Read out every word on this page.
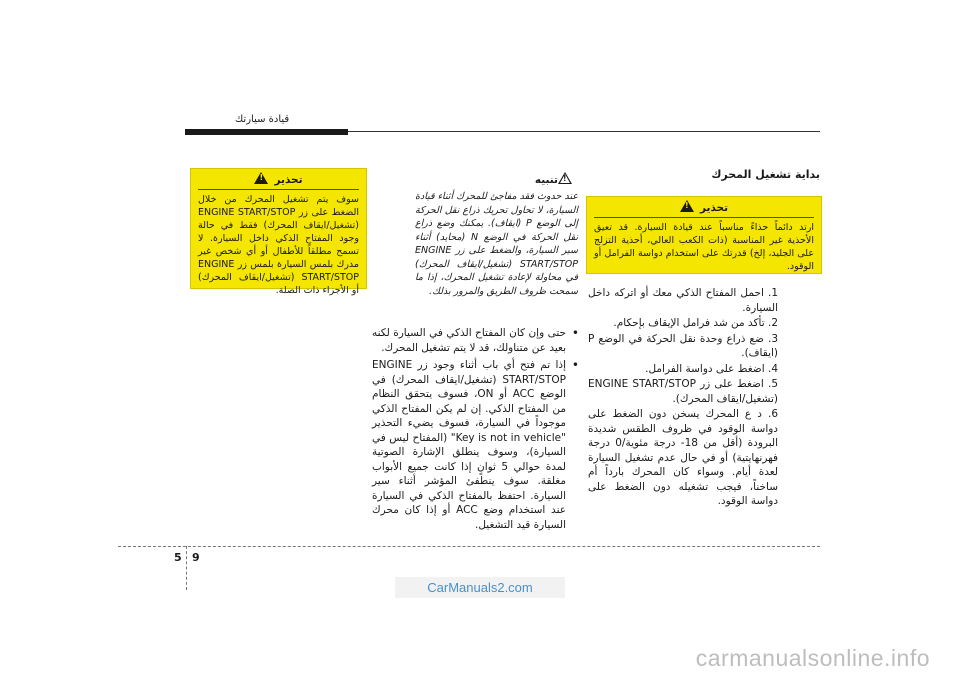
قيادة سيارتك
بداية تشغيل المحرك
!تحذير
ارتد دائماً حذاءً مناسباً عند قيادة السيارة. قد تعيق الأحذية غير المناسبة (ذات الكعب العالي، أحذية التزلج على الجليد، إلخ) قدرتك على استخدام دواسة الفرامل أو الوقود.
1. احمل المفتاح الذكي معك أو اتركه داخل السيارة.
2. تأكد من شد فرامل الإيقاف بإحكام.
3. ضع ذراع وحدة نقل الحركة في الوضع P (ايقاف).
4. اضغط على دواسة الفرامل.
5. اضغط على زر ENGINE START/STOP (تشغيل/ايقاف المحرك).
6. د ع المحرك يسخن دون الضغط على دواسة الوقود في ظروف الطقس شديدة البرودة (أقل من 18- درجة مئوية/0 درجة فهرنهايتية) أو في حال عدم تشغيل السيارة لعدة أيام. وسواء كان المحرك بارداً أم ساخناً، فيجب تشغيله دون الضغط على دواسة الوقود.
!تنبيه
عند حدوث فقد مفاجئ للمحرك أثناء قيادة السيارة، لا تحاول تحريك ذراع نقل الحركة إلى الوضع P (ايقاف). يمكنك وضع ذراع نقل الحركة في الوضع N (محايد) أثناء سير السيارة، والضغط على زر ENGINE START/STOP (تشغيل/ايقاف المحرك) في محاولة لإعادة تشغيل المحرك، إذا ما سمحت ظروف الطريق والمرور بذلك.
• حتى وإن كان المفتاح الذكي في السيارة لكنه بعيد عن متناولك، قد لا يتم تشغيل المحرك.
• إذا تم فتح أي باب أثناء وجود زر ENGINE START/STOP (تشغيل/ايقاف المحرك) في الوضع ACC أو ON، فسوف يتحقق النظام من المفتاح الذكي. إن لم يكن المفتاح الذكي موجوداً في السيارة، فسوف يضيء التحذير "Key is not in vehicle" (المفتاح ليس في السيارة)، وسوف ينطلق الإشارة الصوتية لمدة حوالي 5 ثوانٍ إذا كانت جميع الأبواب مغلقة. سوف ينطفئ المؤشر أثناء سير السيارة. احتفظ بالمفتاح الذكي في السيارة عند استخدام وضع ACC أو إذا كان محرك السيارة قيد التشغيل.
!تحذير
سوف يتم تشغيل المحرك من خلال الضغط على زر ENGINE START/STOP (تشغيل/ايقاف المحرك) فقط في حالة وجود المفتاح الذكي داخل السيارة. لا تسمح مطلقاً للأطفال أو أي شخص غير مدرك بلمس السيارة بلمس زر ENGINE START/STOP (تشغيل/ايقاف المحرك) أو الأجزاء ذات الصلة.
5 9
CarManuals2.com
carmanualsonline.info
